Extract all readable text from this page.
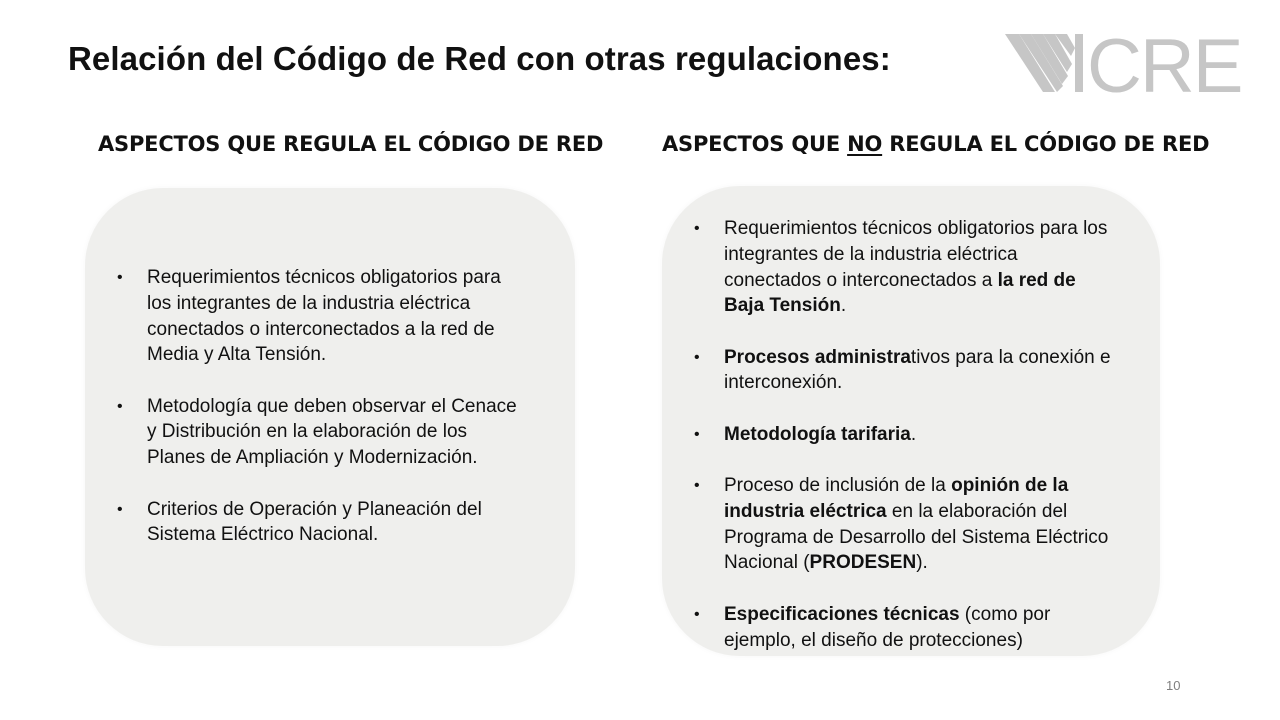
Relación del Código de Red con otras regulaciones:	CRE
ASPECTOS QUE REGULA EL CÓDIGO DE RED	ASPECTOS QUE NO REGULA EL CÓDIGO DE RED
• Requerimientos técnicos obligatorios para los integrantes de la industria eléctrica conectados o interconectados a la red de Media y Alta Tensión.
• Metodología que deben observar el Cenace y Distribución en la elaboración de los Planes de Ampliación y Modernización.
• Criterios de Operación y Planeación del Sistema Eléctrico Nacional.
• Requerimientos técnicos obligatorios para los integrantes de la industria eléctrica conectados o interconectados a la red de Baja Tensión.
• Procesos administrativos para la conexión e interconexión.
• Metodología tarifaria.
• Proceso de inclusión de la opinión de la industria eléctrica en la elaboración del Programa de Desarrollo del Sistema Eléctrico Nacional (PRODESEN).
• Especificaciones técnicas (como por ejemplo, el diseño de protecciones)
10
